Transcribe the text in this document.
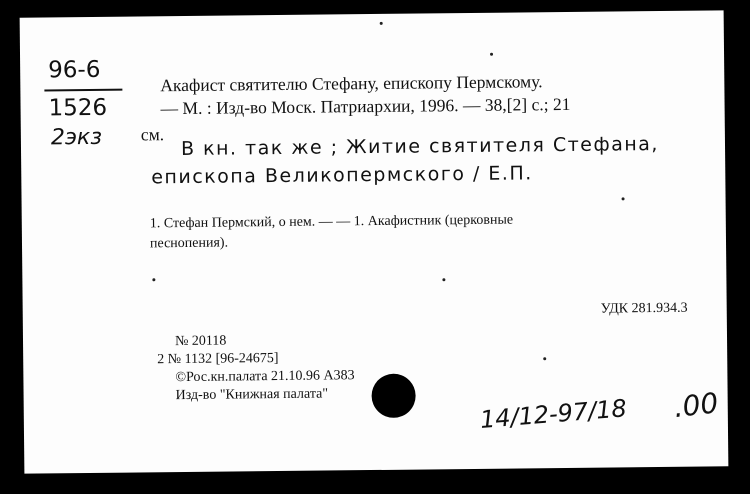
96-6
1526
2экз
Акафист святителю Стефану, епископу Пермскому.
— М. : Изд-во Моск. Патриархии, 1996. — 38,[2] с.; 21
см. В кн. так же ; Житие святителя Стефана,
епископа Великопермского / Е.П.
1. Стефан Пермский, о нем. — — 1. Акафистник (церковные
песнопения).
УДК 281.934.3
№ 20118
2 № 1132 [96-24675]
©Рос.кн.палата 21.10.96 А383
Изд-во "Книжная палата"	14/12-97/18 .00
